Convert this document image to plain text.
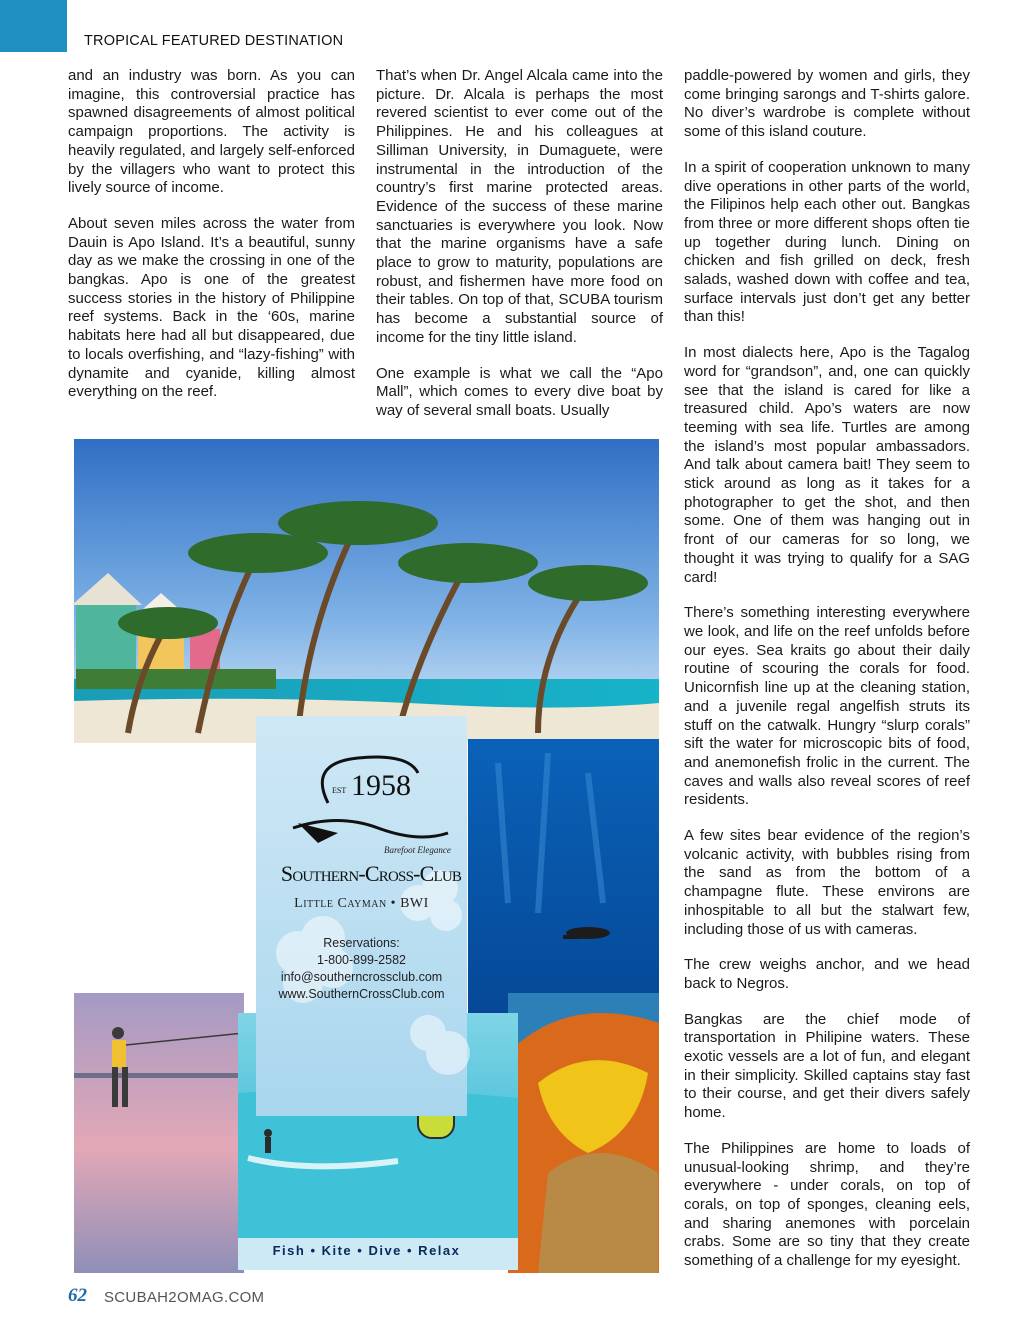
TROPICAL FEATURED DESTINATION

and an industry was born. As you can imagine, this controversial practice has spawned disagreements of almost political campaign proportions. The activity is heavily regulated, and largely self-enforced by the villagers who want to protect this lively source of income.

About seven miles across the water from Dauin is Apo Island. It’s a beautiful, sunny day as we make the crossing in one of the bangkas. Apo is one of the greatest success stories in the history of Philippine reef systems. Back in the ‘60s, marine habitats here had all but disappeared, due to locals overfishing, and “lazy-fishing” with dynamite and cyanide, killing almost everything on the reef.

That’s when Dr. Angel Alcala came into the picture. Dr. Alcala is perhaps the most revered scientist to ever come out of the Philippines. He and his colleagues at Silliman University, in Dumaguete, were instrumental in the introduction of the country’s first marine protected areas. Evidence of the success of these marine sanctuaries is everywhere you look. Now that the marine organisms have a safe place to grow to maturity, populations are robust, and fishermen have more food on their tables. On top of that, SCUBA tourism has become a substantial source of income for the tiny little island.

One example is what we call the “Apo Mall”, which comes to every dive boat by way of several small boats. Usually

paddle-powered by women and girls, they come bringing sarongs and T-shirts galore. No diver’s wardrobe is complete without some of this island couture.

In a spirit of cooperation unknown to many dive operations in other parts of the world, the Filipinos help each other out. Bangkas from three or more different shops often tie up together during lunch. Dining on chicken and fish grilled on deck, fresh salads, washed down with coffee and tea, surface intervals just don’t get any better than this!

In most dialects here, Apo is the Tagalog word for “grandson”, and, one can quickly see that the island is cared for like a treasured child. Apo’s waters are now teeming with sea life. Turtles are among the island’s most popular ambassadors. And talk about camera bait! They seem to stick around as long as it takes for a photographer to get the shot, and then some. One of them was hanging out in front of our cameras for so long, we thought it was trying to qualify for a SAG card!

There’s something interesting everywhere we look, and life on the reef unfolds before our eyes. Sea kraits go about their daily routine of scouring the corals for food. Unicornfish line up at the cleaning station, and a juvenile regal angelfish struts its stuff on the catwalk. Hungry “slurp corals” sift the water for microscopic bits of food, and anemonefish frolic in the current. The caves and walls also reveal scores of reef residents.

A few sites bear evidence of the region’s volcanic activity, with bubbles rising from the sand as from the bottom of a champagne flute. These environs are inhospitable to all but the stalwart few, including those of us with cameras.

The crew weighs anchor, and we head back to Negros.

Bangkas are the chief mode of transportation in Philipine waters. These exotic vessels are a lot of fun, and elegant in their simplicity. Skilled captains stay fast to their course, and get their divers safely home.

The Philippines are home to loads of unusual-looking shrimp, and they’re everywhere - under corals, on top of corals, on top of sponges, cleaning eels, and sharing anemones with porcelain crabs. Some are so tiny that they create something of a challenge for my eyesight.

EST 1958
Barefoot Elegance
Southern-Cross-Club
Little Cayman • BWI
Reservations:
1-800-899-2582
info@southerncrossclub.com
www.SouthernCrossClub.com
Fish • Kite • Dive • Relax
62 SCUBAH2OMAG.COM
